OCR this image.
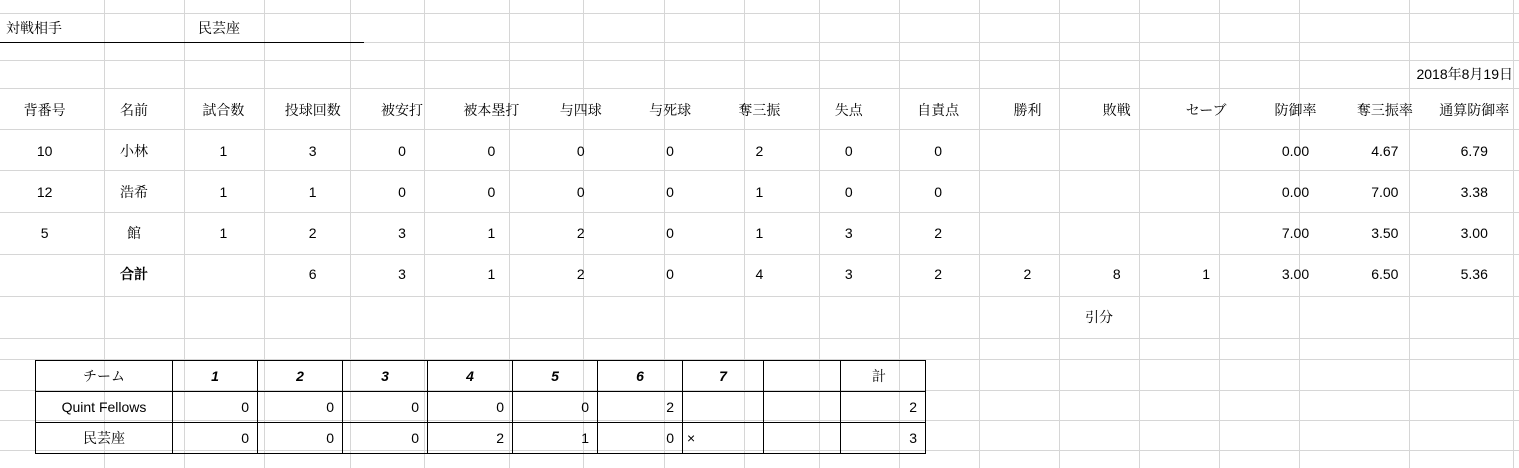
対戦相手		民芸座
2018年8月19日
背番号	名前	試合数	投球回数	被安打	被本塁打	与四球	与死球	奪三振	失点	自責点	勝利	敗戦	セーブ	防御率	奪三振率	通算防御率
10	小林	1	3	0	0	0	0	2	0	0				0.00	4.67	6.79
12	浩希	1	1	0	0	0	0	1	0	0				0.00	7.00	3.38
5	館	1	2	3	1	2	0	1	3	2				7.00	3.50	3.00
	合計		6	3	1	2	0	4	3	2	2	8	1	3.00	6.50	5.36
引分
チーム	1	2	3	4	5	6	7		計
Quint Fellows	0	0	0	0	0	2			2
民芸座	0	0	0	2	1	0	×		3
